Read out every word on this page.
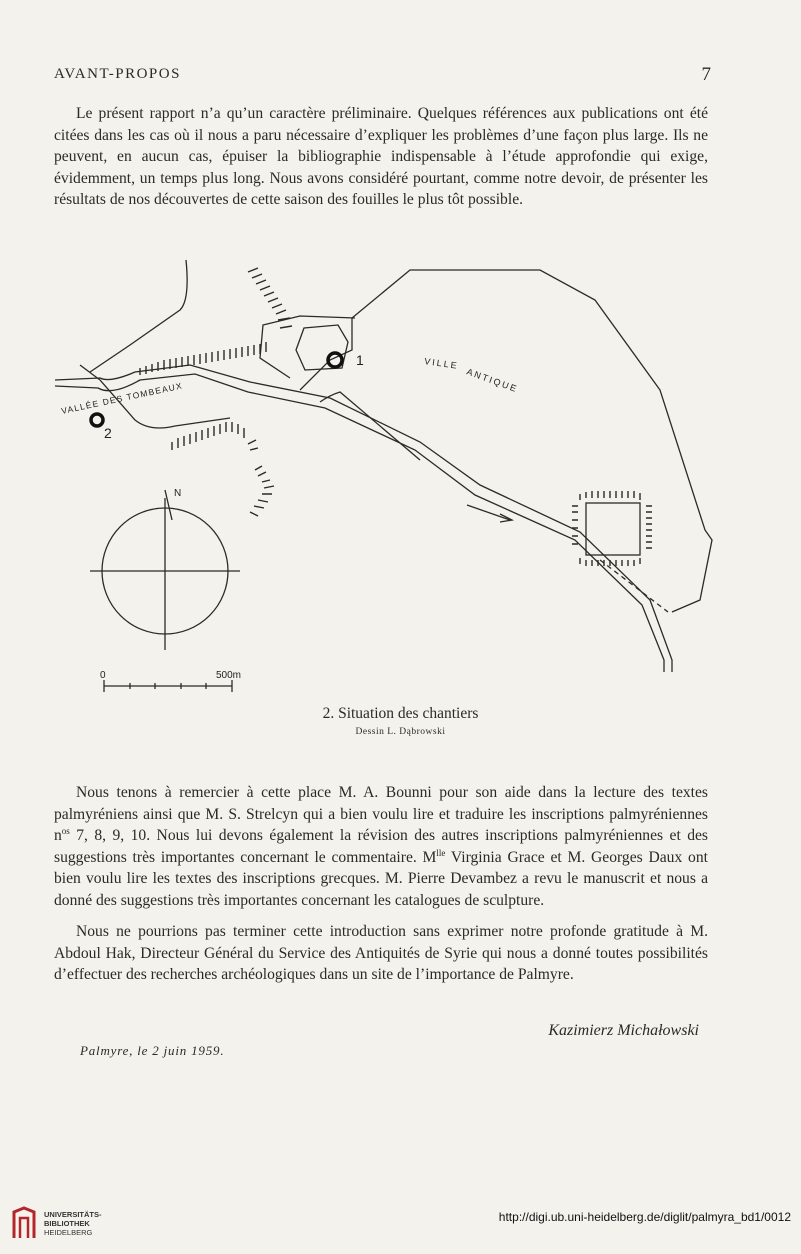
AVANT-PROPOS	7

Le présent rapport n’a qu’un caractère préliminaire. Quelques références aux publications ont été citées dans les cas où il nous a paru nécessaire d’expliquer les problèmes d’une façon plus large. Ils ne peuvent, en aucun cas, épuiser la bibliographie indispensable à l’étude approfondie qui exige, évidemment, un temps plus long. Nous avons considéré pourtant, comme notre devoir, de présenter les résultats de nos découvertes de cette saison des fouilles le plus tôt possible.

1
2
VILLE
ANTIQUE
VALLÉE DES TOMBEAUX
N
0	500m
2. Situation des chantiers
Dessin L. Dąbrowski

Nous tenons à remercier à cette place M. A. Bounni pour son aide dans la lecture des textes palmyréniens ainsi que M. S. Strelcyn qui a bien voulu lire et traduire les inscriptions palmyréniennes $n^{os}$ 7, 8, 9, 10. Nous lui devons également la révision des autres inscriptions palmyréniennes et des suggestions très importantes concernant le commentaire. $M^{lle}$ Virginia Grace et M. Georges Daux ont bien voulu lire les textes des inscriptions grecques. M. Pierre Devambez a revu le manuscrit et nous a donné des suggestions très importantes concernant les catalogues de sculpture.

Nous ne pourrions pas terminer cette introduction sans exprimer notre profonde gratitude à M. Abdoul Hak, Directeur Général du Service des Antiquités de Syrie qui nous a donné toutes possibilités d’effectuer des recherches archéologiques dans un site de l’importance de Palmyre.

Kazimierz Michałowski
Palmyre, le 2 juin 1959.
UNIVERSITÄTS-
BIBLIOTHEK
HEIDELBERG
http://digi.ub.uni-heidelberg.de/diglit/palmyra_bd1/0012
